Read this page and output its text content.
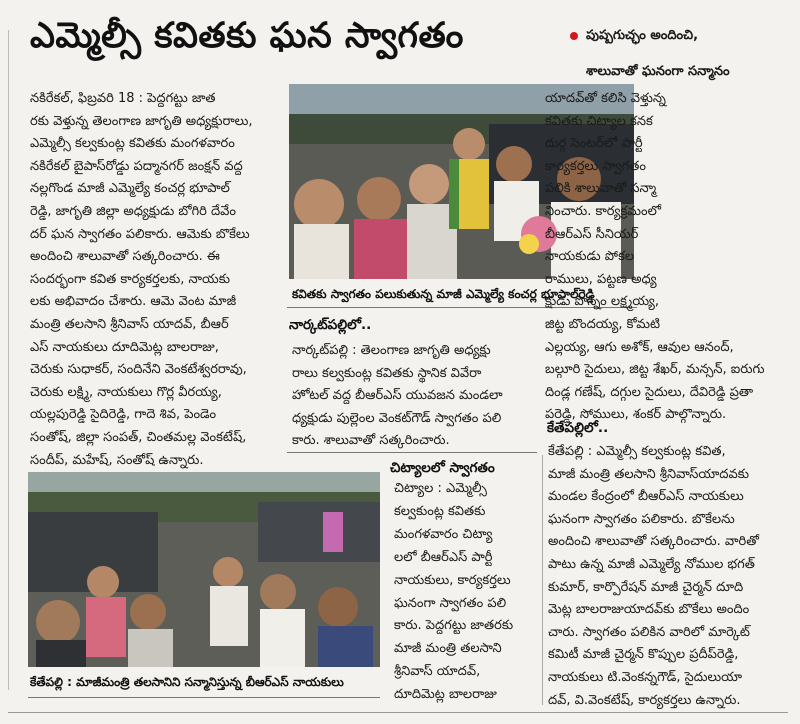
ఎమ్మెల్సీ కవితకు ఘన స్వాగతం	పుష్పగుచ్ఛం అందించి,
శాలువాతో ఘనంగా సన్మానం
నకిరేకల్, ఫిబ్రవరి 18 : పెద్దగట్టు జాత
రకు వెళ్తున్న తెలంగాణ జాగృతి అధ్యక్షురాలు,
ఎమ్మెల్సీ కల్వకుంట్ల కవితకు మంగళవారం
నకిరేకల్ బైపాస్‌రోడ్డు పద్మానగర్ జంక్షన్ వద్ద
నల్లగొండ మాజీ ఎమ్మెల్యే కంచర్ల భూపాల్
రెడ్డి, జాగృతి జిల్లా అధ్యక్షుడు బోగిరి దేవేం
దర్ ఘన స్వాగతం పలికారు. ఆమెకు బొకేలు
అందించి శాలువాతో సత్కరించారు. ఈ
సందర్భంగా కవిత కార్యకర్తలకు, నాయకు
లకు అభివాదం చేశారు. ఆమె వెంట మాజీ
మంత్రి తలసాని శ్రీనివాస్ యాదవ్, బీఆర్
ఎస్ నాయకులు దూదిమెట్ల బాలరాజు,
చెరుకు సుధాకర్, సందినేని వెంకటేశ్వరరావు,
చెరుకు లక్ష్మి, నాయకులు గొర్ల వీరయ్య,
యల్లపురెడ్డి సైదిరెడ్డి, గాదె శివ, పెండెం
సంతోష్, జిల్లా సంపత్, చింతమల్ల వెంకటేష్,
సందీప్, మహేష్, సంతోష్ ఉన్నారు.
కవితకు స్వాగతం పలుకుతున్న మాజీ ఎమ్మెల్యే కంచర్ల భూపాల్‌రెడ్డి
నార్కట్‌పల్లిలో..
నార్కట్‌పల్లి : తెలంగాణ జాగృతి అధ్యక్షు
రాలు కల్వకుంట్ల కవితకు స్థానిక వివేరా
హోటల్ వద్ద బీఆర్‌ఎస్ యువజన మండలా
ధ్యక్షుడు పుల్లెంల వెంకట్‌గౌడ్ స్వాగతం పలి
కారు. శాలువాతో సత్కరించారు.
చిట్యాలలో స్వాగతం
చిట్యాల : ఎమ్మెల్సీ
కల్వకుంట్ల కవితకు
మంగళవారం చిట్యా
లలో బీఆర్‌ఎస్ పార్టీ
నాయకులు, కార్యకర్తలు
ఘనంగా స్వాగతం పలి
కారు. పెద్దగట్టు జాతరకు
మాజీ మంత్రి తలసాని
శ్రీనివాస్ యాదవ్,
దూదిమెట్ల బాలరాజు
యాదవ్‌తో కలిసి వెళ్తున్న
కవితకు చిట్యాల కనక
దుర్గ సెంటర్‌లో పార్టీ
కార్యకర్తలు స్వాగతం
పలికి శాలువాతో సన్మా
నించారు. కార్యక్రమంలో
బీఆర్‌ఎస్ సీనియర్
నాయకుడు పోకల
రాములు, పట్టణ అధ్య
క్షుడు పొన్నం లక్ష్మయ్య,
జిట్ట బొందయ్య, కోమటి
ఎల్లయ్య, ఆగు అశోక్, ఆవుల ఆనంద్,
బల్గూరి సైదులు, జిట్ట శేఖర్, మన్సన్, ఐరుగు
దిండ్ల గణేష్, దగ్గుల సైదులు, దేవిరెడ్డి ప్రతా
పరెడ్డి, సోములు, శంకర్ పాల్గొన్నారు.
కేతేపల్లిలో..
కేతేపల్లి : ఎమ్మెల్సీ కల్వకుంట్ల కవిత,
మాజీ మంత్రి తలసాని శ్రీనివాస్‌యాదవకు
మండల కేంద్రంలో బీఆర్‌ఎస్ నాయకులు
ఘనంగా స్వాగతం పలికారు. బొకేలను
అందించి శాలువాతో సత్కరించారు. వారితో
పాటు ఉన్న మాజీ ఎమ్మెల్యే నోముల భగత్
కుమార్, కార్పొరేషన్ మాజీ చైర్మన్ దూది
మెట్ల బాలరాజుయాదవ్‌కు బొకేలు అందిం
చారు. స్వాగతం పలికిన వారిలో మార్కెట్
కమిటీ మాజీ చైర్మన్ కొప్పుల ప్రదీప్‌రెడ్డి,
నాయకులు టి.వెంకన్నగౌడ్, సైదులుయా
దవ్, వి.వెంకటేష్, కార్యకర్తలు ఉన్నారు.
కేతేపల్లి : మాజీమంత్రి తలసానిని సన్మానిస్తున్న బీఆర్‌ఎస్ నాయకులు
